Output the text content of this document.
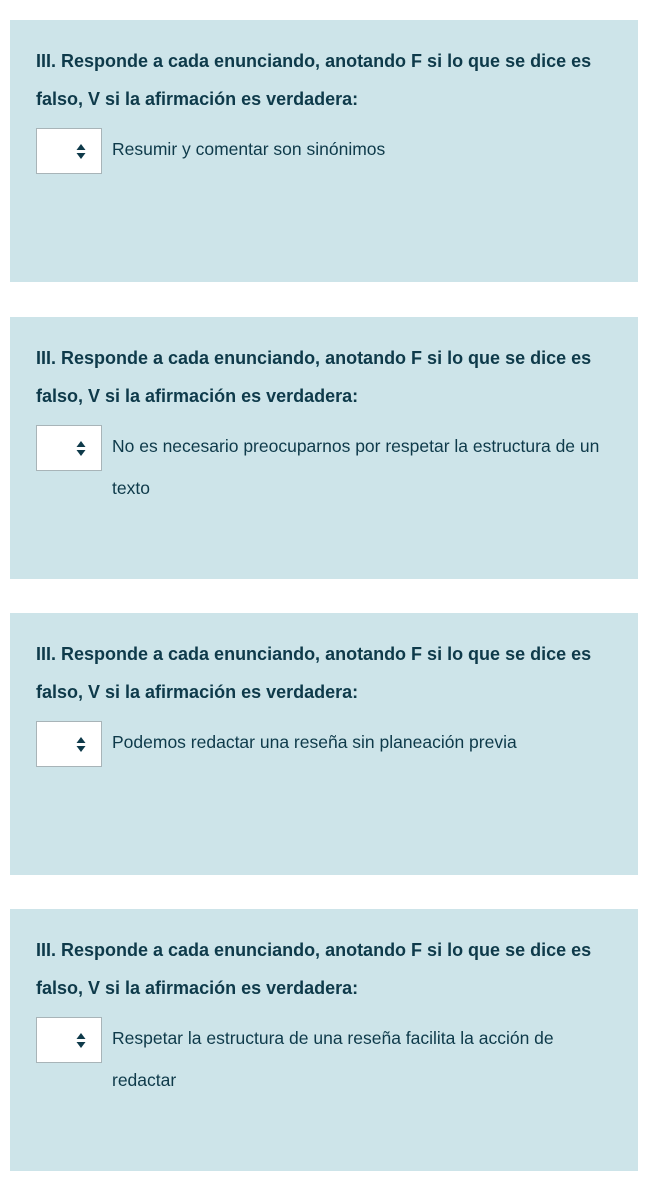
III. Responde a cada enunciando, anotando F si lo que se dice es falso, V si la afirmación es verdadera:

Resumir y comentar son sinónimos

III. Responde a cada enunciando, anotando F si lo que se dice es falso, V si la afirmación es verdadera:

No es necesario preocuparnos por respetar la estructura de un texto

III. Responde a cada enunciando, anotando F si lo que se dice es falso, V si la afirmación es verdadera:

Podemos redactar una reseña sin planeación previa

III. Responde a cada enunciando, anotando F si lo que se dice es falso, V si la afirmación es verdadera:

Respetar la estructura de una reseña facilita la acción de redactar
